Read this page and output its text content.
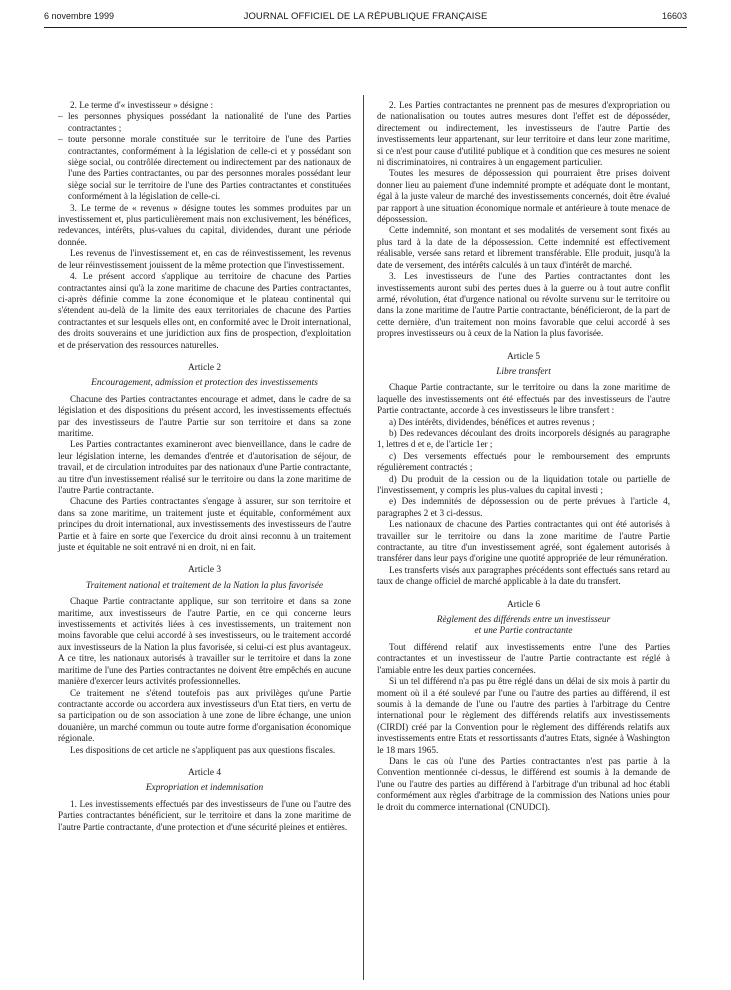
6 novembre 1999	JOURNAL OFFICIEL DE LA RÉPUBLIQUE FRANÇAISE	16603

2. Le terme d'« investisseur » désigne :

– les personnes physiques possédant la nationalité de l'une des Parties contractantes ;

– toute personne morale constituée sur le territoire de l'une des Parties contractantes, conformément à la législation de celle-ci et y possédant son siège social, ou contrôlée directement ou indirectement par des nationaux de l'une des Parties contractantes, ou par des personnes morales possédant leur siège social sur le territoire de l'une des Parties contractantes et constituées conformément à la législation de celle-ci.

3. Le terme de « revenus » désigne toutes les sommes produites par un investissement et, plus particulièrement mais non exclusivement, les bénéfices, redevances, intérêts, plus-values du capital, dividendes, durant une période donnée.

Les revenus de l'investissement et, en cas de réinvestissement, les revenus de leur réinvestissement jouissent de la même protection que l'investissement.

4. Le présent accord s'applique au territoire de chacune des Parties contractantes ainsi qu'à la zone maritime de chacune des Parties contractantes, ci-après définie comme la zone économique et le plateau continental qui s'étendent au-delà de la limite des eaux territoriales de chacune des Parties contractantes et sur lesquels elles ont, en conformité avec le Droit international, des droits souverains et une juridiction aux fins de prospection, d'exploitation et de préservation des ressources naturelles.

Article 2
Encouragement, admission et protection des investissements

Chacune des Parties contractantes encourage et admet, dans le cadre de sa législation et des dispositions du présent accord, les investissements effectués par des investisseurs de l'autre Partie sur son territoire et dans sa zone maritime.

Les Parties contractantes examineront avec bienveillance, dans le cadre de leur législation interne, les demandes d'entrée et d'autorisation de séjour, de travail, et de circulation introduites par des nationaux d'une Partie contractante, au titre d'un investissement réalisé sur le territoire ou dans la zone maritime de l'autre Partie contractante.

Chacune des Parties contractantes s'engage à assurer, sur son territoire et dans sa zone maritime, un traitement juste et équitable, conformément aux principes du droit international, aux investissements des investisseurs de l'autre Partie et à faire en sorte que l'exercice du droit ainsi reconnu à un traitement juste et équitable ne soit entravé ni en droit, ni en fait.

Article 3
Traitement national et traitement de la Nation la plus favorisée

Chaque Partie contractante applique, sur son territoire et dans sa zone maritime, aux investisseurs de l'autre Partie, en ce qui concerne leurs investissements et activités liées à ces investissements, un traitement non moins favorable que celui accordé à ses investisseurs, ou le traitement accordé aux investisseurs de la Nation la plus favorisée, si celui-ci est plus avantageux. A ce titre, les nationaux autorisés à travailler sur le territoire et dans la zone maritime de l'une des Parties contractantes ne doivent être empêchés en aucune manière d'exercer leurs activités professionnelles.

Ce traitement ne s'étend toutefois pas aux privilèges qu'une Partie contractante accorde ou accordera aux investisseurs d'un Etat tiers, en vertu de sa participation ou de son association à une zone de libre échange, une union douanière, un marché commun ou toute autre forme d'organisation économique régionale.

Les dispositions de cet article ne s'appliquent pas aux questions fiscales.

Article 4
Expropriation et indemnisation

1. Les investissements effectués par des investisseurs de l'une ou l'autre des Parties contractantes bénéficient, sur le territoire et dans la zone maritime de l'autre Partie contractante, d'une protection et d'une sécurité pleines et entières.

2. Les Parties contractantes ne prennent pas de mesures d'expropriation ou de nationalisation ou toutes autres mesures dont l'effet est de déposséder, directement ou indirectement, les investisseurs de l'autre Partie des investissements leur appartenant, sur leur territoire et dans leur zone maritime, si ce n'est pour cause d'utilité publique et à condition que ces mesures ne soient ni discriminatoires, ni contraires à un engagement particulier.

Toutes les mesures de dépossession qui pourraient être prises doivent donner lieu au paiement d'une indemnité prompte et adéquate dont le montant, égal à la juste valeur de marché des investissements concernés, doit être évalué par rapport à une situation économique normale et antérieure à toute menace de dépossession.

Cette indemnité, son montant et ses modalités de versement sont fixés au plus tard à la date de la dépossession. Cette indemnité est effectivement réalisable, versée sans retard et librement transférable. Elle produit, jusqu'à la date de versement, des intérêts calculés à un taux d'intérêt de marché.

3. Les investisseurs de l'une des Parties contractantes dont les investissements auront subi des pertes dues à la guerre ou à tout autre conflit armé, révolution, état d'urgence national ou révolte survenu sur le territoire ou dans la zone maritime de l'autre Partie contractante, bénéficieront, de la part de cette dernière, d'un traitement non moins favorable que celui accordé à ses propres investisseurs ou à ceux de la Nation la plus favorisée.

Article 5
Libre transfert

Chaque Partie contractante, sur le territoire ou dans la zone maritime de laquelle des investissements ont été effectués par des investisseurs de l'autre Partie contractante, accorde à ces investisseurs le libre transfert :

a) Des intérêts, dividendes, bénéfices et autres revenus ;

b) Des redevances découlant des droits incorporels désignés au paragraphe 1, lettres d et e, de l'article 1er ;

c) Des versements effectués pour le remboursement des emprunts régulièrement contractés ;

d) Du produit de la cession ou de la liquidation totale ou partielle de l'investissement, y compris les plus-values du capital investi ;

e) Des indemnités de dépossession ou de perte prévues à l'article 4, paragraphes 2 et 3 ci-dessus.

Les nationaux de chacune des Parties contractantes qui ont été autorisés à travailler sur le territoire ou dans la zone maritime de l'autre Partie contractante, au titre d'un investissement agréé, sont également autorisés à transférer dans leur pays d'origine une quotité appropriée de leur rémunération.

Les transferts visés aux paragraphes précédents sont effectués sans retard au taux de change officiel de marché applicable à la date du transfert.

Article 6
Règlement des différends entre un investisseur
et une Partie contractante

Tout différend relatif aux investissements entre l'une des Parties contractantes et un investisseur de l'autre Partie contractante est réglé à l'amiable entre les deux parties concernées.

Si un tel différend n'a pas pu être réglé dans un délai de six mois à partir du moment où il a été soulevé par l'une ou l'autre des parties au différend, il est soumis à la demande de l'une ou l'autre des parties à l'arbitrage du Centre international pour le règlement des différends relatifs aux investissements (CIRDI) créé par la Convention pour le règlement des différends relatifs aux investissements entre Etats et ressortissants d'autres Etats, signée à Washington le 18 mars 1965.

Dans le cas où l'une des Parties contractantes n'est pas partie à la Convention mentionnée ci-dessus, le différend est soumis à la demande de l'une ou l'autre des parties au différend à l'arbitrage d'un tribunal ad hoc établi conformément aux règles d'arbitrage de la commission des Nations unies pour le droit du commerce international (CNUDCI).
